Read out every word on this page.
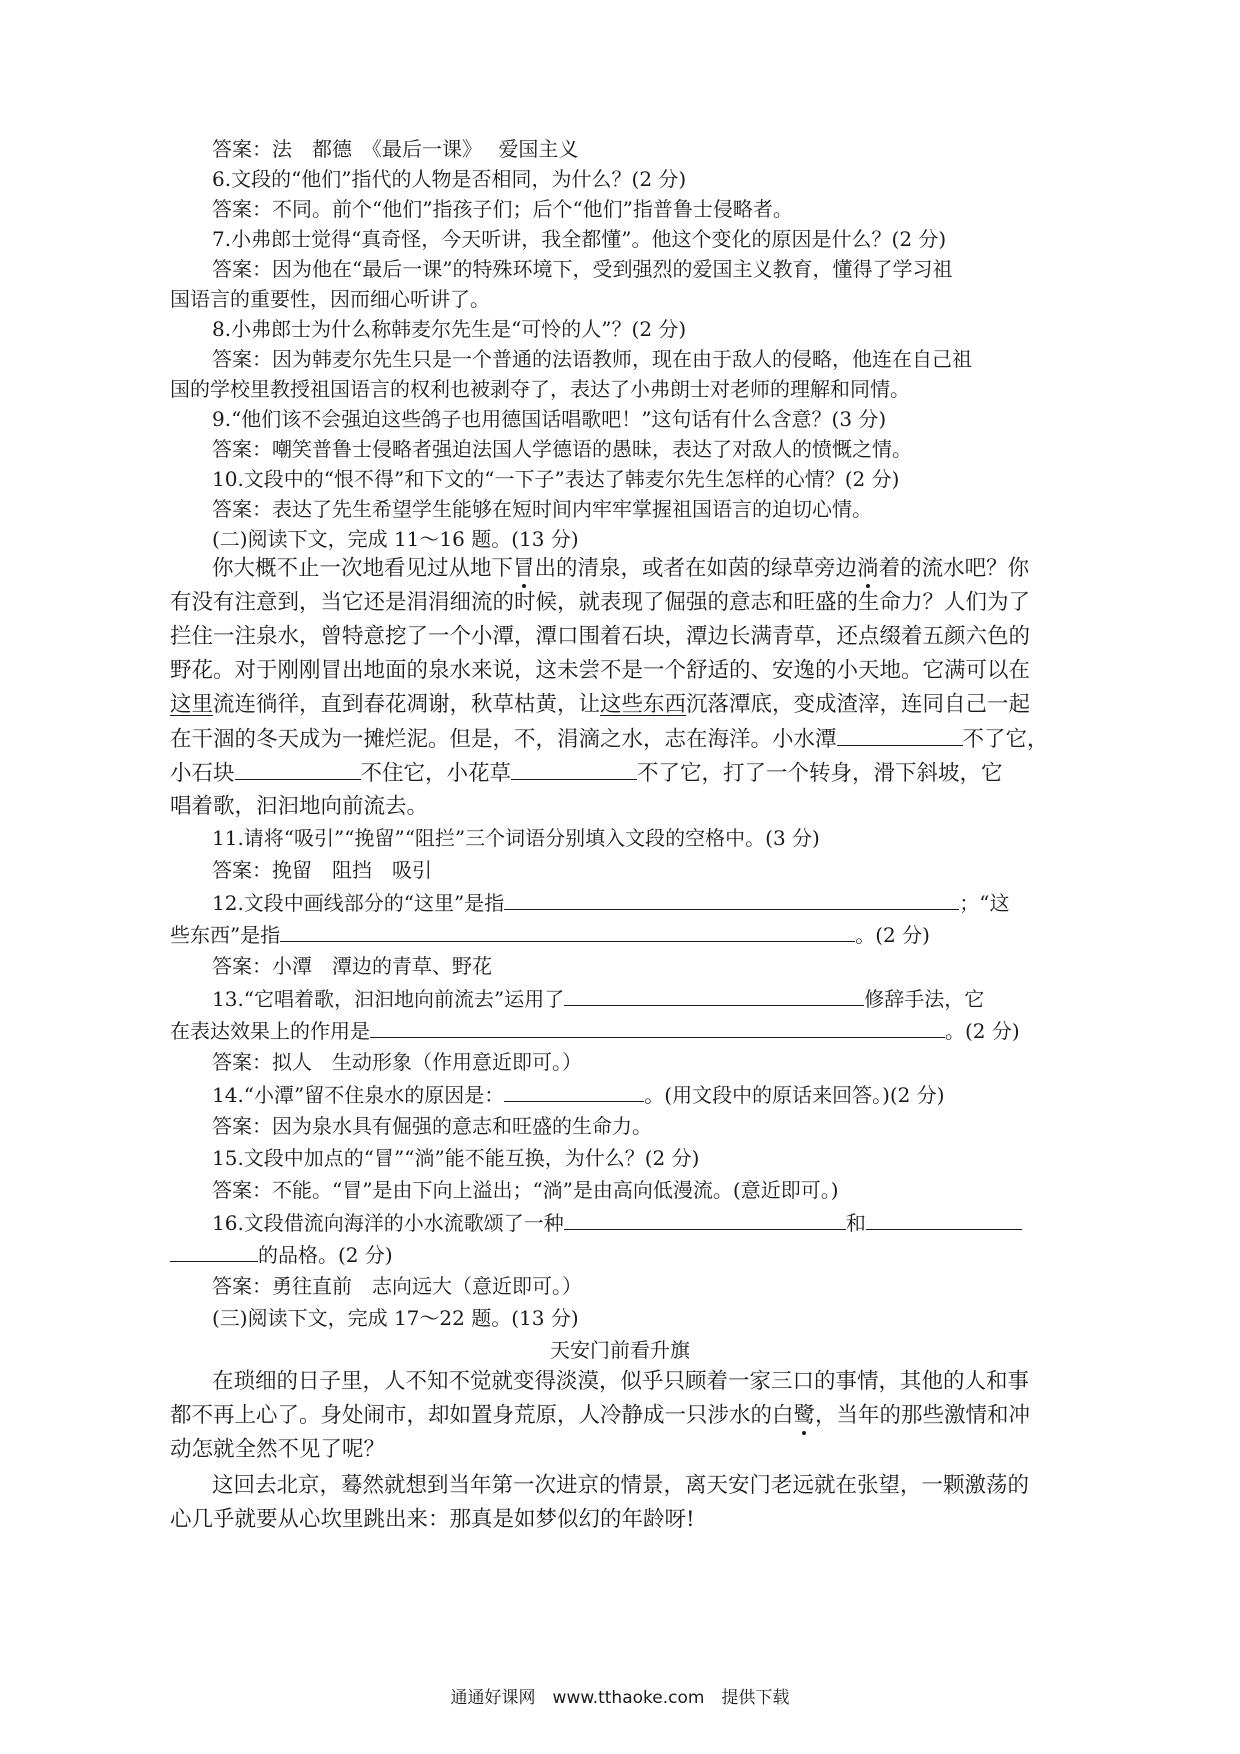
答案：法　都德　《最后一课》　 爱国主义
6.文段的“他们”指代的人物是否相同，为什么？(2 分)
答案：不同。前个“他们”指孩子们；后个“他们”指普鲁士侵略者。
7.小弗郎士觉得“真奇怪，今天听讲，我全都懂”。他这个变化的原因是什么？(2 分)
答案：因为他在“最后一课”的特殊环境下，受到强烈的爱国主义教育，懂得了学习祖
国语言的重要性，因而细心听讲了。
8.小弗郎士为什么称韩麦尔先生是“可怜的人”？(2 分)
答案：因为韩麦尔先生只是一个普通的法语教师，现在由于敌人的侵略，他连在自己祖
国的学校里教授祖国语言的权利也被剥夺了，表达了小弗朗士对老师的理解和同情。
9.“他们该不会强迫这些鸽子也用德国话唱歌吧！”这句话有什么含意？(3 分)
答案：嘲笑普鲁士侵略者强迫法国人学德语的愚昧，表达了对敌人的愤慨之情。
10.文段中的“恨不得”和下文的“一下子”表达了韩麦尔先生怎样的心情？(2 分)
答案：表达了先生希望学生能够在短时间内牢牢掌握祖国语言的迫切心情。
(二)阅读下文，完成 11～16 题。(13 分)
你大概不止一次地看见过从地下冒出的清泉，或者在如茵的绿草旁边淌着的流水吧？你
有没有注意到，当它还是涓涓细流的时候，就表现了倔强的意志和旺盛的生命力？人们为了
拦住一注泉水，曾特意挖了一个小潭，潭口围着石块，潭边长满青草，还点缀着五颜六色的
野花。对于刚刚冒出地面的泉水来说，这未尝不是一个舒适的、安逸的小天地。它满可以在
这里流连徜徉，直到春花凋谢，秋草枯黄，让这些东西沉落潭底，变成渣滓，连同自己一起
在干涸的冬天成为一摊烂泥。但是，不，涓滴之水，志在海洋。小水潭	不了它，
小石块	不住它，小花草	不了它，打了一个转身，滑下斜坡，它
唱着歌，汩汩地向前流去。
11.请将“吸引”“挽留”“阻拦”三个词语分别填入文段的空格中。(3 分)
答案：挽留　阻挡　吸引
12.文段中画线部分的“这里”是指	；“这
些东西”是指	。(2 分)
答案：小潭　潭边的青草、野花
13.“它唱着歌，汩汩地向前流去”运用了	修辞手法，它
在表达效果上的作用是	。(2 分)
答案：拟人　生动形象（作用意近即可。）
14.“小潭”留不住泉水的原因是：	。(用文段中的原话来回答。)(2 分)
答案：因为泉水具有倔强的意志和旺盛的生命力。
15.文段中加点的“冒”“淌”能不能互换，为什么？(2 分)
答案：不能。“冒”是由下向上溢出；“淌”是由高向低漫流。(意近即可。)
16.文段借流向海洋的小水流歌颂了一种	和
的品格。(2 分)
答案：勇往直前　志向远大（意近即可。）
(三)阅读下文，完成 17～22 题。(13 分)
天安门前看升旗
在琐细的日子里，人不知不觉就变得淡漠，似乎只顾着一家三口的事情，其他的人和事
都不再上心了。身处闹市，却如置身荒原，人冷静成一只涉水的白鹭，当年的那些激情和冲
动怎就全然不见了呢？
这回去北京，蓦然就想到当年第一次进京的情景，离天安门老远就在张望，一颗激荡的
心几乎就要从心坎里跳出来：那真是如梦似幻的年龄呀!
通通好课网　www.tthaoke.com　提供下载
